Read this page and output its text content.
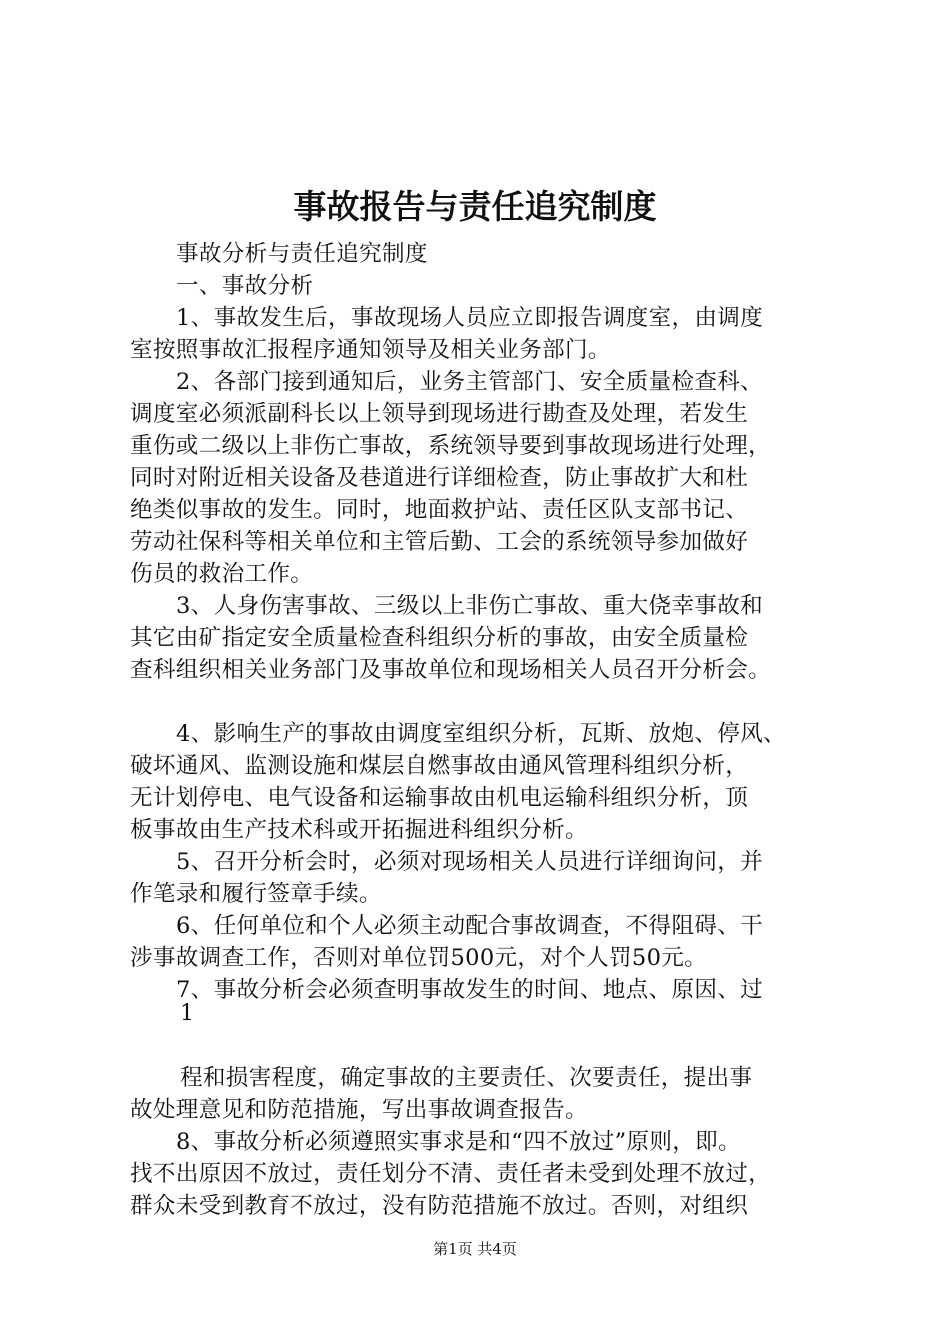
事故报告与责任追究制度
事故分析与责任追究制度
一、事故分析
1、事故发生后，事故现场人员应立即报告调度室，由调度
室按照事故汇报程序通知领导及相关业务部门。
2、各部门接到通知后，业务主管部门、安全质量检查科、
调度室必须派副科长以上领导到现场进行勘查及处理，若发生
重伤或二级以上非伤亡事故，系统领导要到事故现场进行处理，
同时对附近相关设备及巷道进行详细检查，防止事故扩大和杜
绝类似事故的发生。同时，地面救护站、责任区队支部书记、
劳动社保科等相关单位和主管后勤、工会的系统领导参加做好
伤员的救治工作。
3、人身伤害事故、三级以上非伤亡事故、重大侥幸事故和
其它由矿指定安全质量检查科组织分析的事故，由安全质量检
查科组织相关业务部门及事故单位和现场相关人员召开分析会。
4、影响生产的事故由调度室组织分析，瓦斯、放炮、停风、
破坏通风、监测设施和煤层自燃事故由通风管理科组织分析，
无计划停电、电气设备和运输事故由机电运输科组织分析，顶
板事故由生产技术科或开拓掘进科组织分析。
5、召开分析会时，必须对现场相关人员进行详细询问，并
作笔录和履行签章手续。
6、任何单位和个人必须主动配合事故调查，不得阻碍、干
涉事故调查工作，否则对单位罚500元，对个人罚50元。
7、事故分析会必须查明事故发生的时间、地点、原因、过
1
程和损害程度，确定事故的主要责任、次要责任，提出事
故处理意见和防范措施，写出事故调查报告。
8、事故分析必须遵照实事求是和“四不放过”原则，即。
找不出原因不放过，责任划分不清、责任者未受到处理不放过，
群众未受到教育不放过，没有防范措施不放过。否则，对组织
第1页 共4页
